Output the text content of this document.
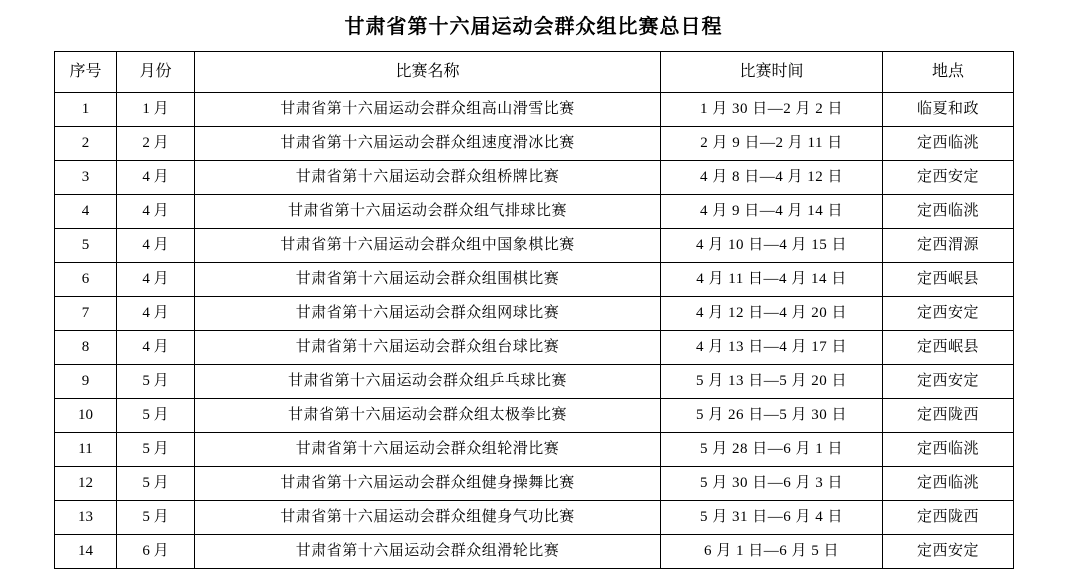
甘肃省第十六届运动会群众组比赛总日程
序号	月份	比赛名称	比赛时间	地点
1	1 月	甘肃省第十六届运动会群众组高山滑雪比赛	1 月 30 日—2 月 2 日	临夏和政
2	2 月	甘肃省第十六届运动会群众组速度滑冰比赛	2 月 9 日—2 月 11 日	定西临洮
3	4 月	甘肃省第十六届运动会群众组桥牌比赛	4 月 8 日—4 月 12 日	定西安定
4	4 月	甘肃省第十六届运动会群众组气排球比赛	4 月 9 日—4 月 14 日	定西临洮
5	4 月	甘肃省第十六届运动会群众组中国象棋比赛	4 月 10 日—4 月 15 日	定西渭源
6	4 月	甘肃省第十六届运动会群众组围棋比赛	4 月 11 日—4 月 14 日	定西岷县
7	4 月	甘肃省第十六届运动会群众组网球比赛	4 月 12 日—4 月 20 日	定西安定
8	4 月	甘肃省第十六届运动会群众组台球比赛	4 月 13 日—4 月 17 日	定西岷县
9	5 月	甘肃省第十六届运动会群众组乒乓球比赛	5 月 13 日—5 月 20 日	定西安定
10	5 月	甘肃省第十六届运动会群众组太极拳比赛	5 月 26 日—5 月 30 日	定西陇西
11	5 月	甘肃省第十六届运动会群众组轮滑比赛	5 月 28 日—6 月 1 日	定西临洮
12	5 月	甘肃省第十六届运动会群众组健身操舞比赛	5 月 30 日—6 月 3 日	定西临洮
13	5 月	甘肃省第十六届运动会群众组健身气功比赛	5 月 31 日—6 月 4 日	定西陇西
14	6 月	甘肃省第十六届运动会群众组滑轮比赛	6 月 1 日—6 月 5 日	定西安定
